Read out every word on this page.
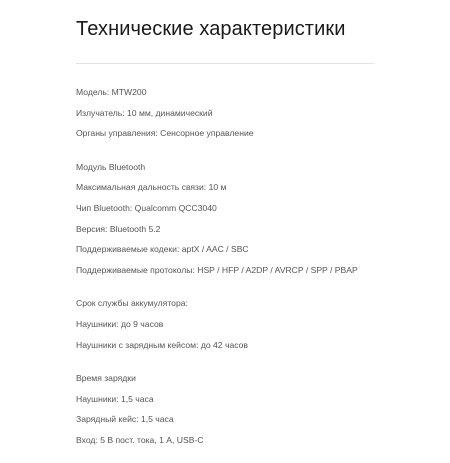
Технические характеристики
Модель: MTW200
Излучатель: 10 мм, динамический
Органы управления: Сенсорное управление
Модуль Bluetooth
Максимальная дальность связи: 10 м
Чип Bluetooth: Qualcomm QCC3040
Версия: Bluetooth 5.2
Поддерживаемые кодеки: aptX / AAC / SBC
Поддерживаемые протоколы: HSP / HFP / A2DP / AVRCP / SPP / PBAP
Срок службы аккумулятора:
Наушники: до 9 часов
Наушники с зарядным кейсом: до 42 часов
Время зарядки
Наушники: 1,5 часа
Зарядный кейс: 1,5 часа
Вход: 5 В пост. тока, 1 А, USB-C
